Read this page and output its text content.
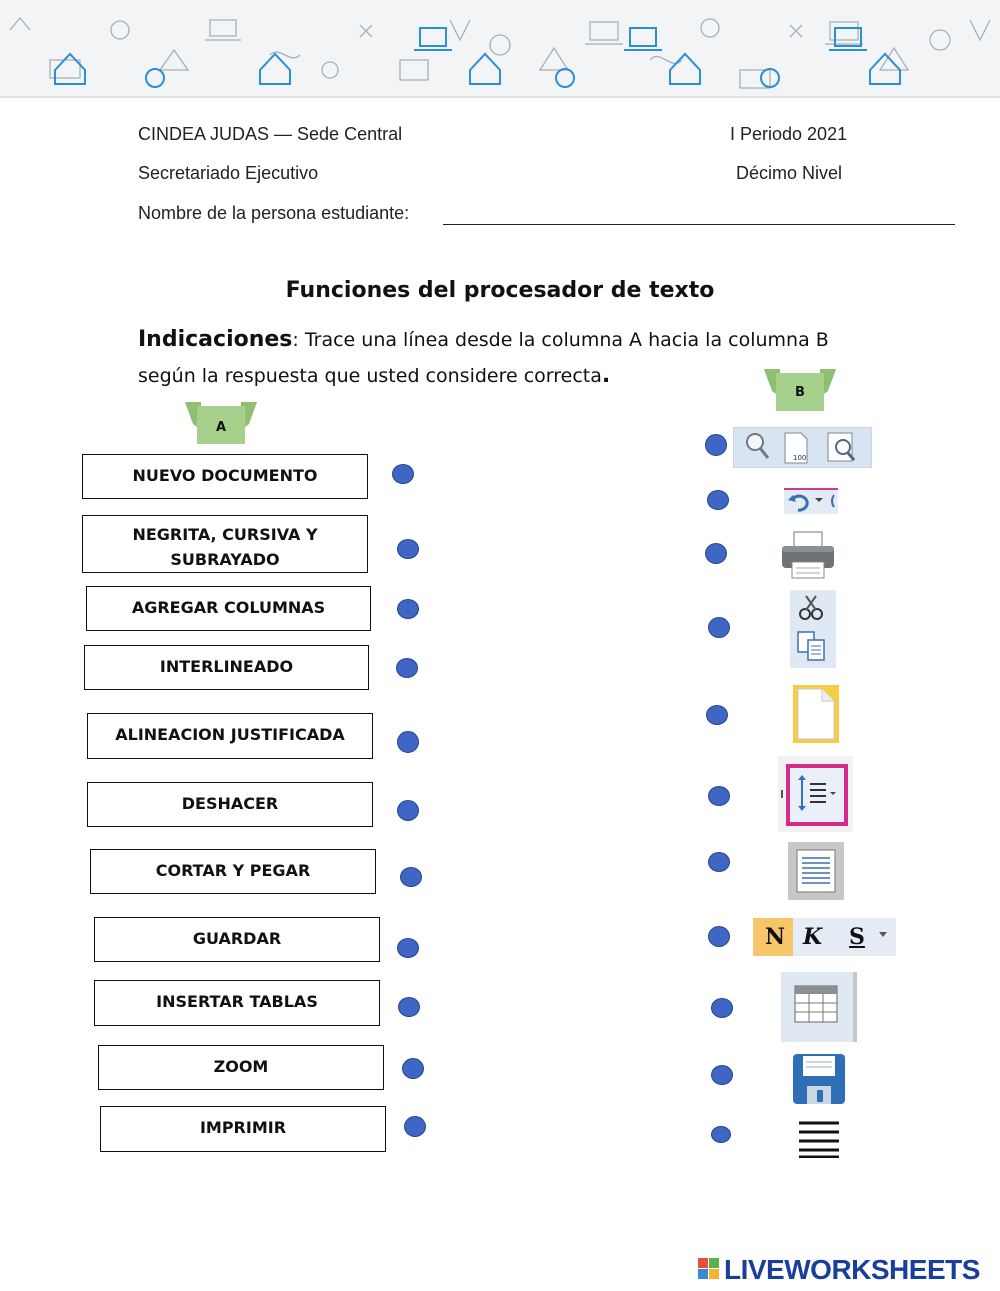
CINDEA JUDAS — Sede Central	I Periodo 2021
Secretariado Ejecutivo	Décimo Nivel
Nombre de la persona estudiante:
Funciones del procesador de texto
Indicaciones: Trace una línea desde la columna A hacia la columna B según la respuesta que usted considere correcta.
A
B
NUEVO DOCUMENTO
NEGRITA, CURSIVA Y SUBRAYADO
AGREGAR COLUMNAS
INTERLINEADO
ALINEACION JUSTIFICADA
DESHACER
CORTAR Y PEGAR
GUARDAR
INSERTAR TABLAS
ZOOM
IMPRIMIR
100
N K S
LIVEWORKSHEETS
